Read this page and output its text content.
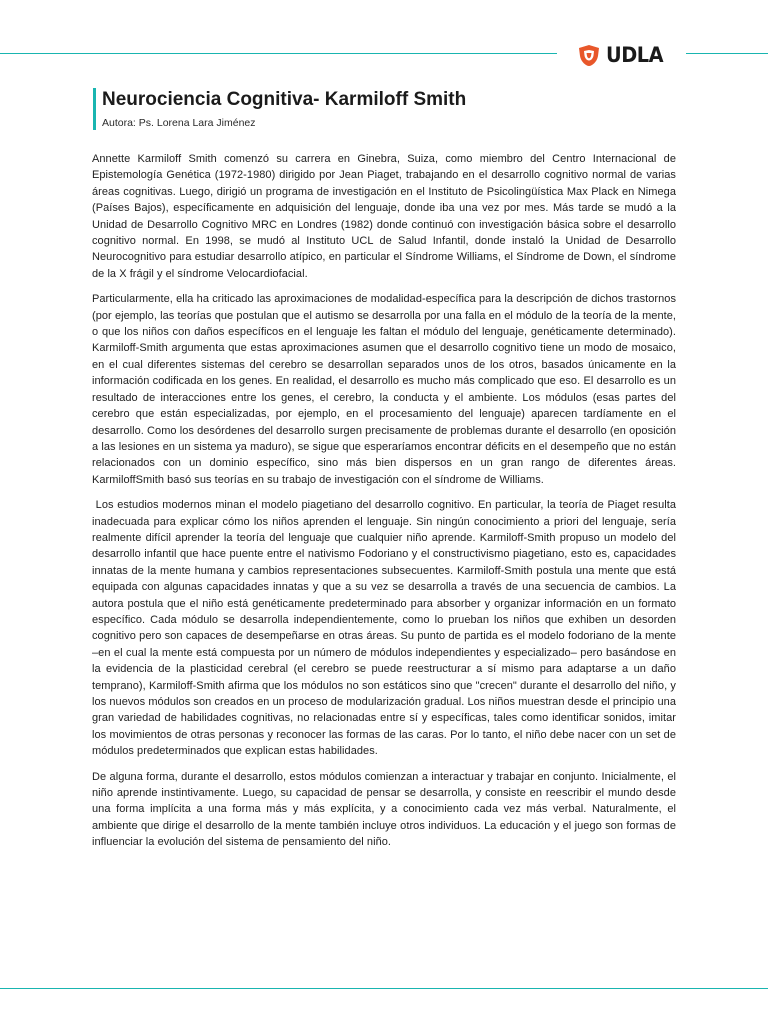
UDLA
Neurociencia Cognitiva- Karmiloff Smith
Autora: Ps. Lorena Lara Jiménez

Annette Karmiloff Smith comenzó su carrera en Ginebra, Suiza, como miembro del Centro Internacional de Epistemología Genética (1972-1980) dirigido por Jean Piaget, trabajando en el desarrollo cognitivo normal de varias áreas cognitivas. Luego, dirigió un programa de investigación en el Instituto de Psicolingüística Max Plack en Nimega (Países Bajos), específicamente en adquisición del lenguaje, donde iba una vez por mes. Más tarde se mudó a la Unidad de Desarrollo Cognitivo MRC en Londres (1982) donde continuó con investigación básica sobre el desarrollo cognitivo normal. En 1998, se mudó al Instituto UCL de Salud Infantil, donde instaló la Unidad de Desarrollo Neurocognitivo para estudiar desarrollo atípico, en particular el Síndrome Williams, el Síndrome de Down, el síndrome de la X frágil y el síndrome Velocardiofacial.

Particularmente, ella ha criticado las aproximaciones de modalidad-específica para la descripción de dichos trastornos (por ejemplo, las teorías que postulan que el autismo se desarrolla por una falla en el módulo de la teoría de la mente, o que los niños con daños específicos en el lenguaje les faltan el módulo del lenguaje, genéticamente determinado). Karmiloff-Smith argumenta que estas aproximaciones asumen que el desarrollo cognitivo tiene un modo de mosaico, en el cual diferentes sistemas del cerebro se desarrollan separados unos de los otros, basados únicamente en la información codificada en los genes. En realidad, el desarrollo es mucho más complicado que eso. El desarrollo es un resultado de interacciones entre los genes, el cerebro, la conducta y el ambiente. Los módulos (esas partes del cerebro que están especializadas, por ejemplo, en el procesamiento del lenguaje) aparecen tardíamente en el desarrollo. Como los desórdenes del desarrollo surgen precisamente de problemas durante el desarrollo (en oposición a las lesiones en un sistema ya maduro), se sigue que esperaríamos encontrar déficits en el desempeño que no están relacionados con un dominio específico, sino más bien dispersos en un gran rango de diferentes áreas. KarmiloffSmith basó sus teorías en su trabajo de investigación con el síndrome de Williams.

Los estudios modernos minan el modelo piagetiano del desarrollo cognitivo. En particular, la teoría de Piaget resulta inadecuada para explicar cómo los niños aprenden el lenguaje. Sin ningún conocimiento a priori del lenguaje, sería realmente difícil aprender la teoría del lenguaje que cualquier niño aprende. Karmiloff-Smith propuso un modelo del desarrollo infantil que hace puente entre el nativismo Fodoriano y el constructivismo piagetiano, esto es, capacidades innatas de la mente humana y cambios representaciones subsecuentes. Karmiloff-Smith postula una mente que está equipada con algunas capacidades innatas y que a su vez se desarrolla a través de una secuencia de cambios. La autora postula que el niño está genéticamente predeterminado para absorber y organizar información en un formato específico. Cada módulo se desarrolla independientemente, como lo prueban los niños que exhiben un desorden cognitivo pero son capaces de desempeñarse en otras áreas. Su punto de partida es el modelo fodoriano de la mente –en el cual la mente está compuesta por un número de módulos independientes y especializado– pero basándose en la evidencia de la plasticidad cerebral (el cerebro se puede reestructurar a sí mismo para adaptarse a un daño temprano), Karmiloff-Smith afirma que los módulos no son estáticos sino que "crecen" durante el desarrollo del niño, y los nuevos módulos son creados en un proceso de modularización gradual. Los niños muestran desde el principio una gran variedad de habilidades cognitivas, no relacionadas entre sí y específicas, tales como identificar sonidos, imitar los movimientos de otras personas y reconocer las formas de las caras. Por lo tanto, el niño debe nacer con un set de módulos predeterminados que explican estas habilidades.

De alguna forma, durante el desarrollo, estos módulos comienzan a interactuar y trabajar en conjunto. Inicialmente, el niño aprende instintivamente. Luego, su capacidad de pensar se desarrolla, y consiste en reescribir el mundo desde una forma implícita a una forma más y más explícita, y a conocimiento cada vez más verbal. Naturalmente, el ambiente que dirige el desarrollo de la mente también incluye otros individuos. La educación y el juego son formas de influenciar la evolución del sistema de pensamiento del niño.
